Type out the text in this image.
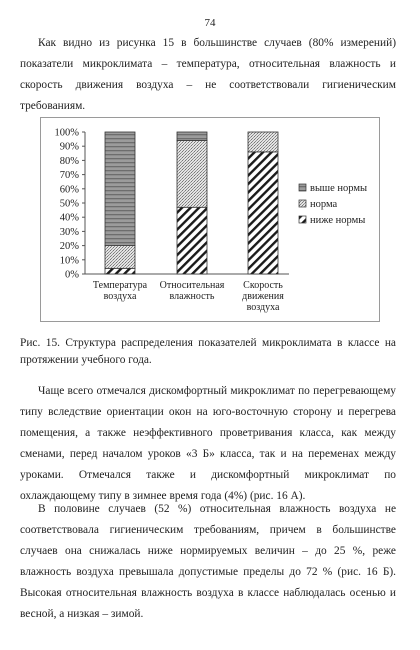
74

Как видно из рисунка 15 в большинстве случаев (80% измерений) показатели микроклимата – температура, относительная влажность и скорость движения воздуха – не соответствовали гигиеническим требованиям.

0%
10%
20%
30%
40%
50%
60%
70%
80%
90%
100%
Температура
воздуха
Относительная
влажность
Скорость
движения
воздуха
выше нормы
норма
ниже нормы

Рис. 15. Структура распределения показателей микроклимата в классе на протяжении учебного года.

Чаще всего отмечался дискомфортный микроклимат по перегревающему типу вследствие ориентации окон на юго-восточную сторону и перегрева помещения, а также неэффективного проветривания класса, как между сменами, перед началом уроков «3 Б» класса, так и на переменах между уроками. Отмечался также и дискомфортный микроклимат по охлаждающему типу в зимнее время года (4%) (рис. 16 А).

В половине случаев (52 %) относительная влажность воздуха не соответствовала гигиеническим требованиям, причем в большинстве случаев она снижалась ниже нормируемых величин – до 25 %, реже влажность воздуха превышала допустимые пределы до 72 % (рис. 16 Б). Высокая относительная влажность воздуха в классе наблюдалась осенью и весной, а низкая – зимой.
